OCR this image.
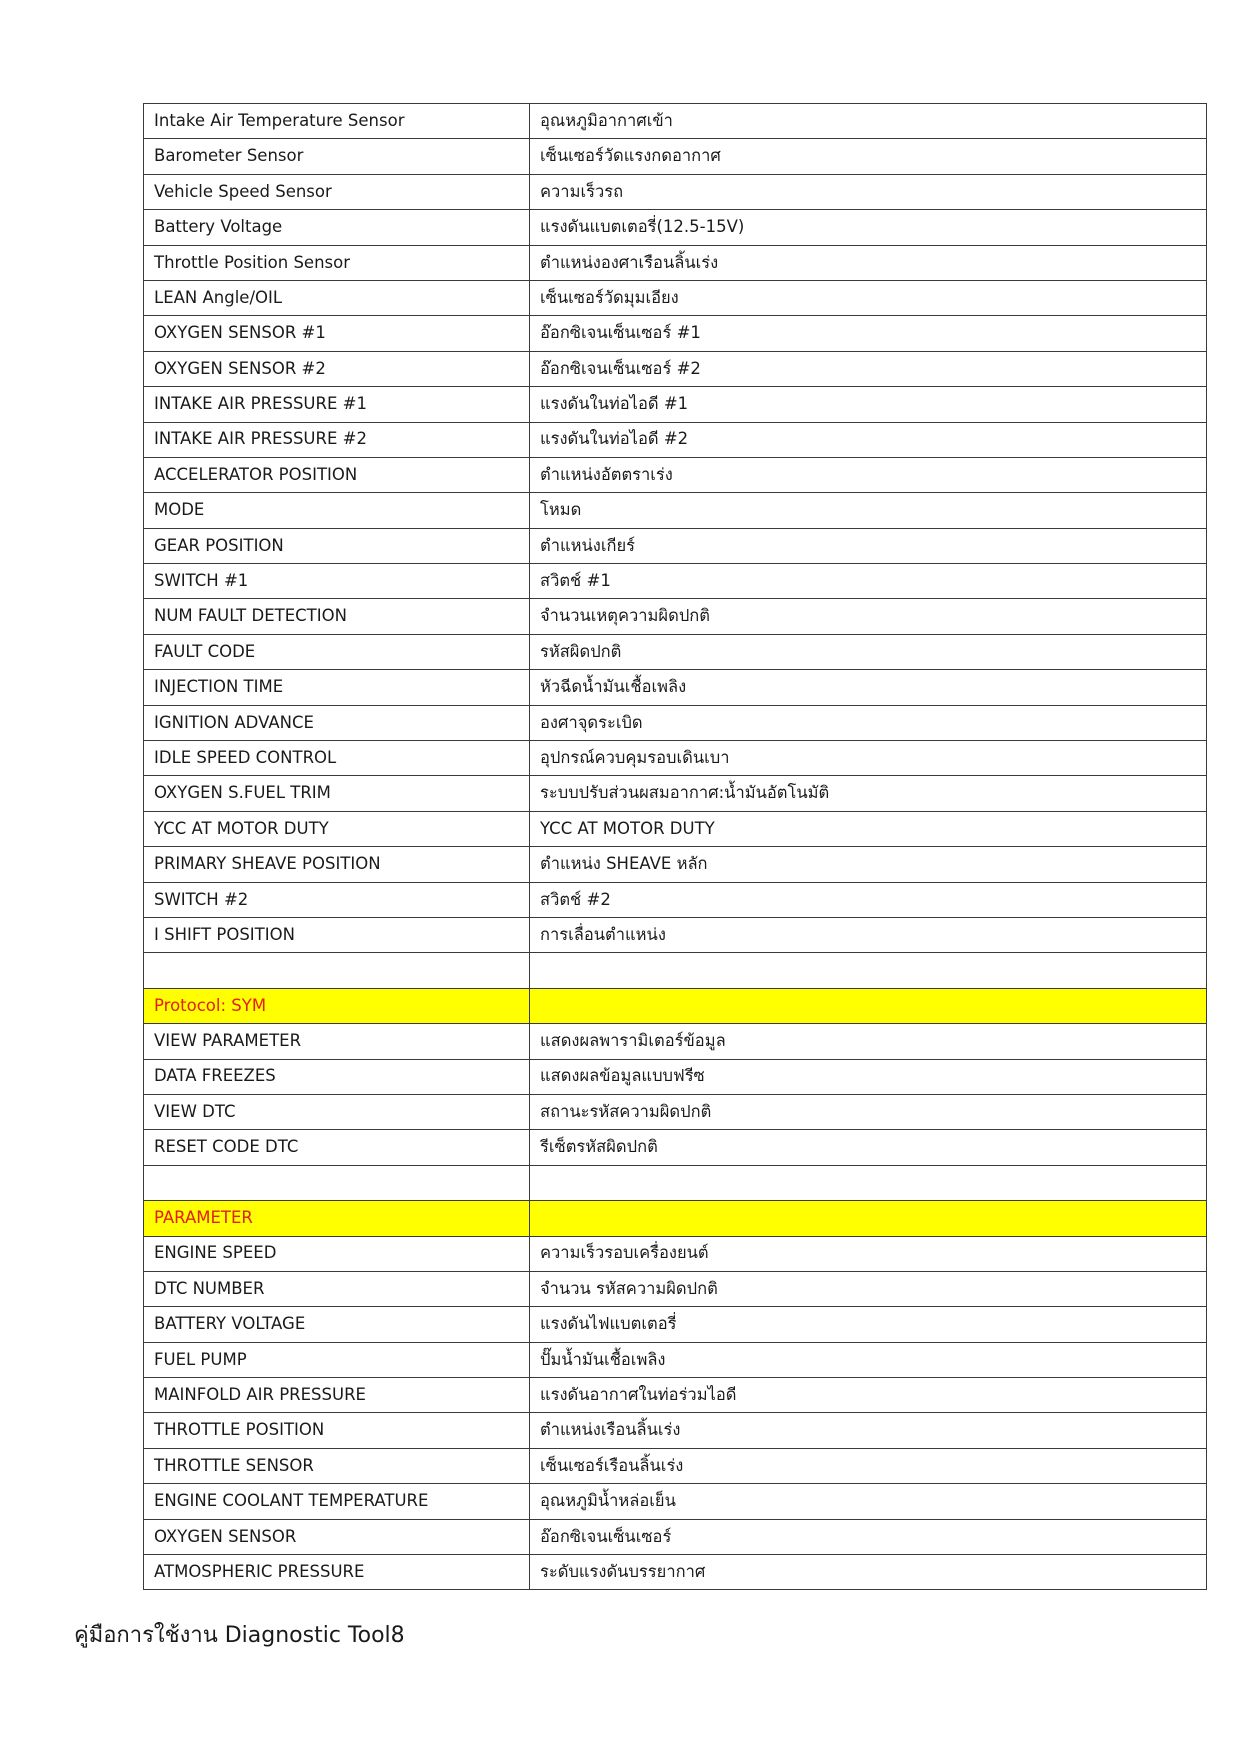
Intake Air Temperature Sensor	อุณหภูมิอากาศเข้า
Barometer Sensor	เซ็นเซอร์วัดแรงกดอากาศ
Vehicle Speed Sensor	ความเร็วรถ
Battery Voltage	แรงดันแบตเตอรี่(12.5-15V)
Throttle Position Sensor	ตำแหน่งองศาเรือนลิ้นเร่ง
LEAN Angle/OIL	เซ็นเซอร์วัดมุมเอียง
OXYGEN SENSOR #1	อ๊อกซิเจนเซ็นเซอร์ #1
OXYGEN SENSOR #2	อ๊อกซิเจนเซ็นเซอร์ #2
INTAKE AIR PRESSURE #1	แรงดันในท่อไอดี #1
INTAKE AIR PRESSURE #2	แรงดันในท่อไอดี #2
ACCELERATOR POSITION	ตำแหน่งอัตตราเร่ง
MODE	โหมด
GEAR POSITION	ตำแหน่งเกียร์
SWITCH #1	สวิตช์ #1
NUM FAULT DETECTION	จำนวนเหตุความผิดปกติ
FAULT CODE	รหัสผิดปกติ
INJECTION TIME	หัวฉีดน้ำมันเชื้อเพลิง
IGNITION ADVANCE	องศาจุดระเบิด
IDLE SPEED CONTROL	อุปกรณ์ควบคุมรอบเดินเบา
OXYGEN S.FUEL TRIM	ระบบปรับส่วนผสมอากาศ:น้ำมันอัตโนมัติ
YCC AT MOTOR DUTY	YCC AT MOTOR DUTY
PRIMARY SHEAVE POSITION	ตำแหน่ง SHEAVE หลัก
SWITCH #2	สวิตช์ #2
I SHIFT POSITION	การเลื่อนตำแหน่ง

Protocol: SYM	
VIEW PARAMETER	แสดงผลพารามิเตอร์ข้อมูล
DATA FREEZES	แสดงผลข้อมูลแบบฟรีซ
VIEW DTC	สถานะรหัสความผิดปกติ
RESET CODE DTC	รีเซ็ตรหัสผิดปกติ

PARAMETER	
ENGINE SPEED	ความเร็วรอบเครื่องยนต์
DTC NUMBER	จำนวน รหัสความผิดปกติ
BATTERY VOLTAGE	แรงดันไฟแบตเตอรี่
FUEL PUMP	ปั๊มน้ำมันเชื้อเพลิง
MAINFOLD AIR PRESSURE	แรงดันอากาศในท่อร่วมไอดี
THROTTLE POSITION	ตำแหน่งเรือนลิ้นเร่ง
THROTTLE SENSOR	เซ็นเซอร์เรือนลิ้นเร่ง
ENGINE COOLANT TEMPERATURE	อุณหภูมิน้ำหล่อเย็น
OXYGEN SENSOR	อ๊อกซิเจนเซ็นเซอร์
ATMOSPHERIC PRESSURE	ระดับแรงดันบรรยากาศ
คู่มือการใช้งาน Diagnostic Tool8
